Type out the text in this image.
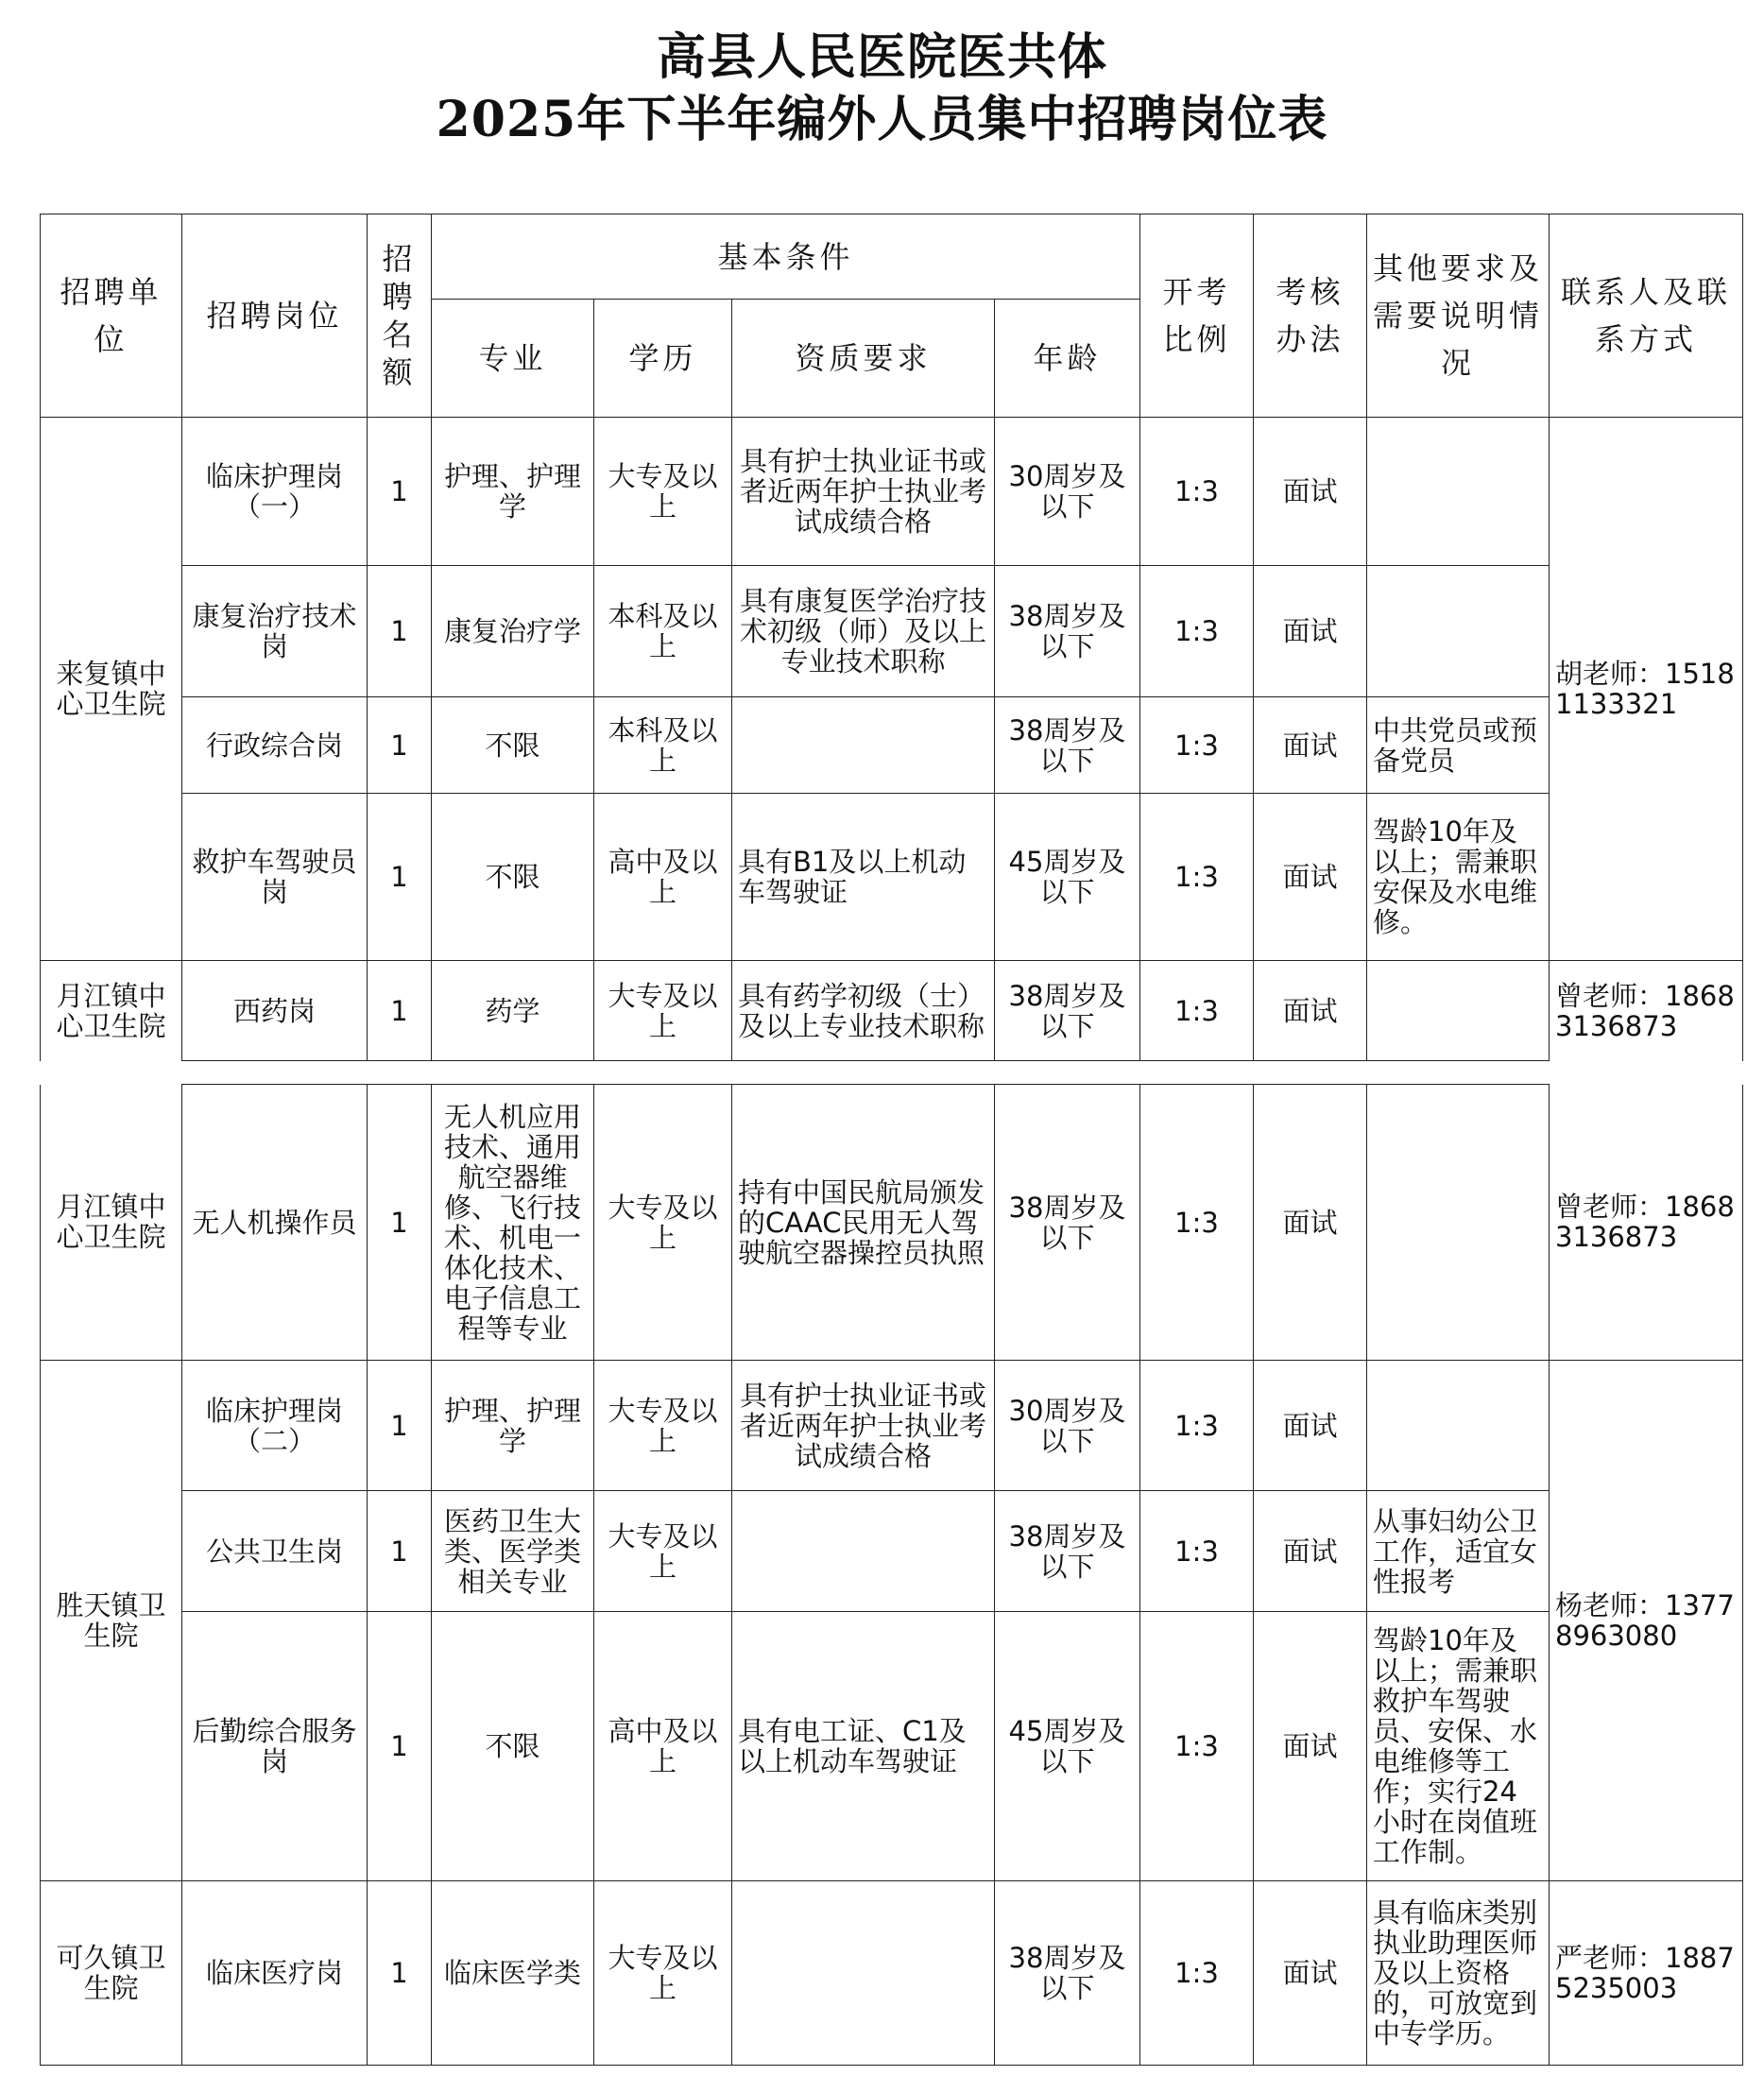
高县人民医院医共体
2025年下半年编外人员集中招聘岗位表
招聘单位	招聘岗位	招聘名额	基本条件				开考比例	考核办法	其他要求及需要说明情况	联系人及联系方式
			专业	学历	资质要求	年龄				
来复镇中心卫生院	临床护理岗（一）	1	护理、护理学	大专及以上	具有护士执业证书或者近两年护士执业考试成绩合格	30周岁及以下	1:3	面试		胡老师：15181133321
	康复治疗技术岗	1	康复治疗学	本科及以上	具有康复医学治疗技术初级（师）及以上专业技术职称	38周岁及以下	1:3	面试		
	行政综合岗	1	不限	本科及以上		38周岁及以下	1:3	面试	中共党员或预备党员	
	救护车驾驶员岗	1	不限	高中及以上	具有B1及以上机动车驾驶证	45周岁及以下	1:3	面试	驾龄10年及以上；需兼职安保及水电维修。	
月江镇中心卫生院	西药岗	1	药学	大专及以上	具有药学初级（士）及以上专业技术职称	38周岁及以下	1:3	面试		曾老师：18683136873
月江镇中心卫生院	无人机操作员	1	无人机应用技术、通用航空器维修、飞行技术、机电一体化技术、电子信息工程等专业	大专及以上	持有中国民航局颁发的CAAC民用无人驾驶航空器操控员执照	38周岁及以下	1:3	面试		曾老师：18683136873
胜天镇卫生院	临床护理岗（二）	1	护理、护理学	大专及以上	具有护士执业证书或者近两年护士执业考试成绩合格	30周岁及以下	1:3	面试		杨老师：13778963080
	公共卫生岗	1	医药卫生大类、医学类相关专业	大专及以上		38周岁及以下	1:3	面试	从事妇幼公卫工作，适宜女性报考	
	后勤综合服务岗	1	不限	高中及以上	具有电工证、C1及以上机动车驾驶证	45周岁及以下	1:3	面试	驾龄10年及以上；需兼职救护车驾驶员、安保、水电维修等工作；实行24小时在岗值班工作制。	
可久镇卫生院	临床医疗岗	1	临床医学类	大专及以上		38周岁及以下	1:3	面试	具有临床类别执业助理医师及以上资格的，可放宽到中专学历。	严老师：18875235003
